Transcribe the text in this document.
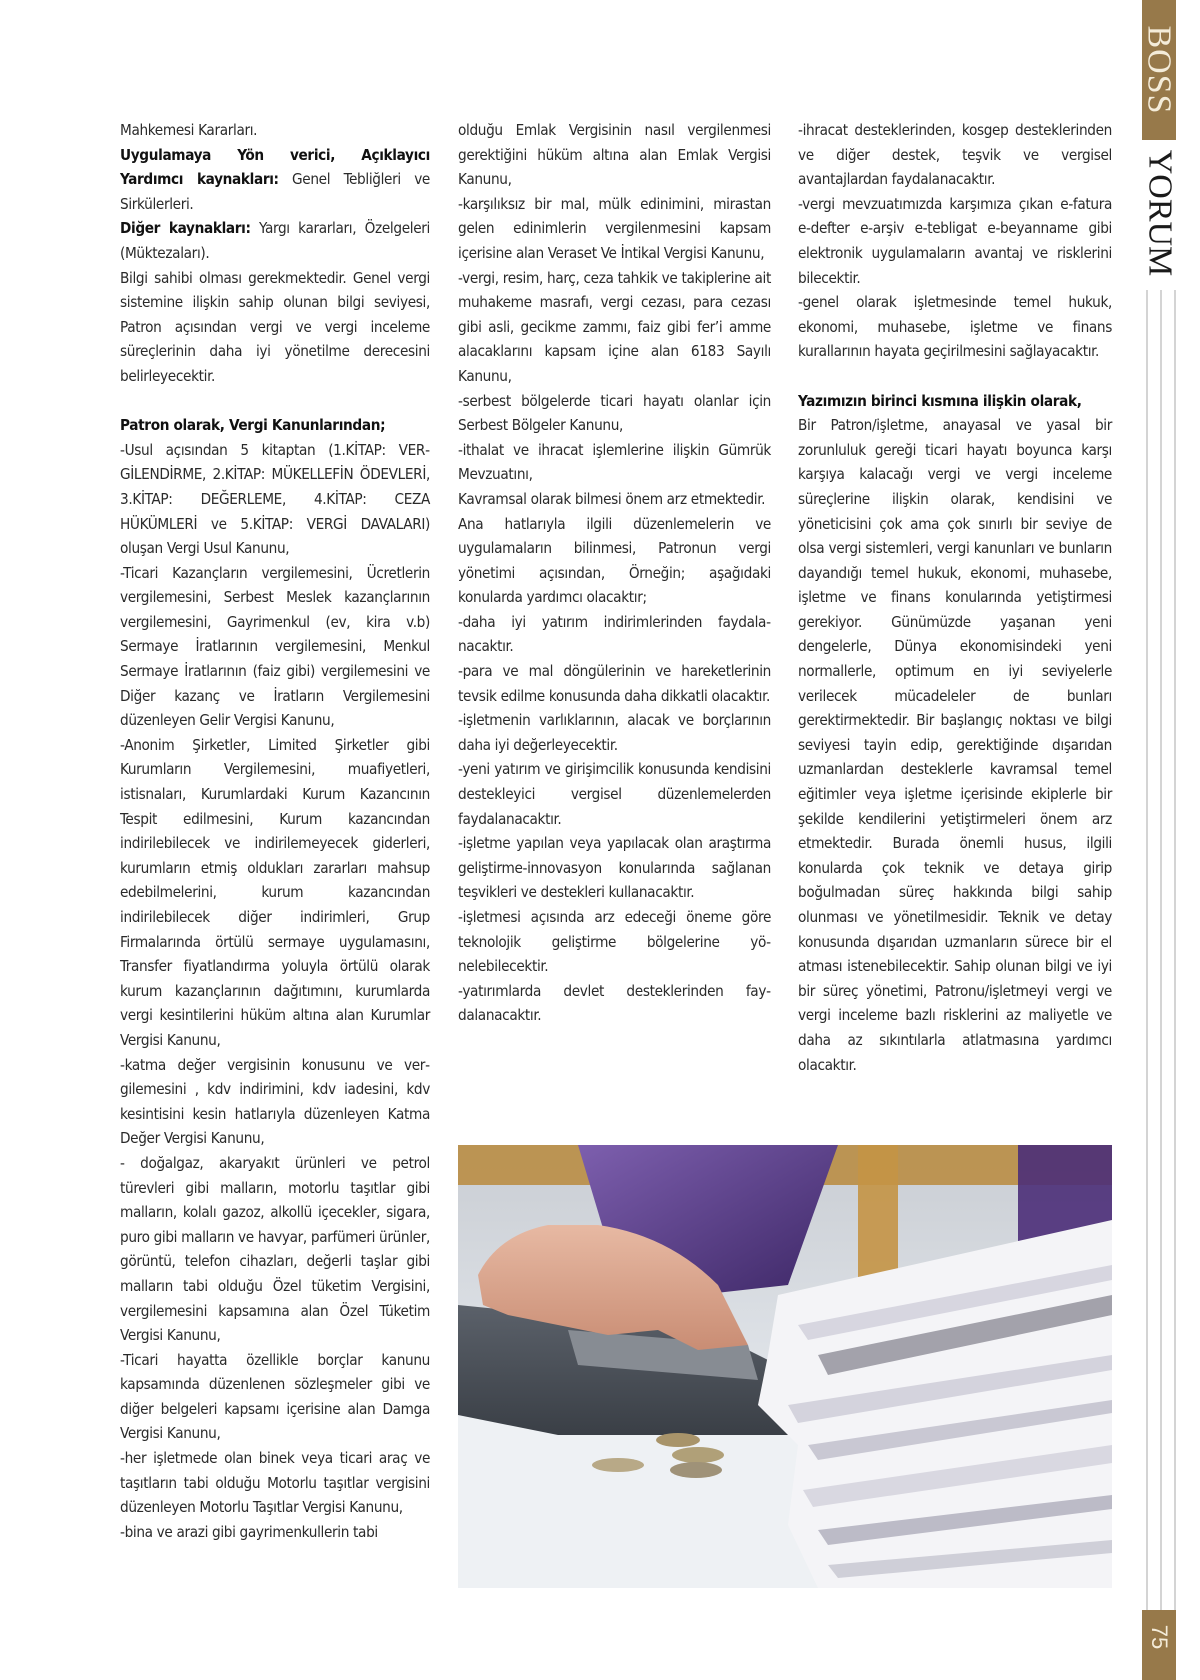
Mahkemesi Kararları.

Uygulamaya Yön verici, Açıklayıcı Yardımcı kaynakları: Genel Tebliğleri ve Sirkülerleri.

Diğer kaynakları: Yargı kararları, Özelgeleri (Müktezaları).

Bilgi sahibi olması gerekmektedir. Genel vergi sistemine ilişkin sahip olunan bilgi seviyesi, Patron açısından vergi ve vergi inceleme süreçlerinin daha iyi yönetilme derecesini belirleyecektir.

Patron olarak, Vergi Kanunlarından;

-Usul açısından 5 kitaptan (1.KİTAP: VERGİLENDİRME, 2.KİTAP: MÜKELLEFİN ÖDEVLERİ, 3.KİTAP: DEĞERLEME, 4.KİTAP: CEZA HÜKÜMLERİ ve 5.KİTAP: VERGİ DAVALARI) oluşan Vergi Usul Kanunu,

-Ticari Kazançların vergilemesini, Ücretlerin vergilemesini, Serbest Meslek kazançlarının vergilemesini, Gayrimenkul (ev, kira v.b) Sermaye İratlarının vergilemesini, Menkul Sermaye İratlarının (faiz gibi) vergilemesini ve Diğer kazanç ve İratların Vergilemesini düzenleyen Gelir Vergisi Kanunu,

-Anonim Şirketler, Limited Şirketler gibi Kurumların Vergilemesini, muafiyetleri, istisnaları, Kurumlardaki Kurum Kazancının Tespit edilmesini, Kurum kazancından indirilebilecek ve indirilemeyecek giderleri, kurumların etmiş oldukları zararları mahsup edebilmelerini, kurum kazancından indirilebilecek diğer indirimleri, Grup Firmalarında örtülü sermaye uygulamasını, Transfer fiyatlandırma yoluyla örtülü olarak kurum kazançlarının dağıtımını, kurumlarda vergi kesintilerini hüküm altına alan Kurumlar Vergisi Kanunu,

-katma değer vergisinin konusunu ve vergilemesini , kdv indirimini, kdv iadesini, kdv kesintisini kesin hatlarıyla düzenleyen Katma Değer Vergisi Kanunu,

- doğalgaz, akaryakıt ürünleri ve petrol türevleri gibi malların, motorlu taşıtlar gibi malların, kolalı gazoz, alkollü içecekler, sigara, puro gibi malların ve havyar, parfümeri ürünler, görüntü, telefon cihazları, değerli taşlar gibi malların tabi olduğu Özel tüketim Vergisini, vergilemesini kapsamına alan Özel Tüketim Vergisi Kanunu,

-Ticari hayatta özellikle borçlar kanunu kapsamında düzenlenen sözleşmeler gibi ve diğer belgeleri kapsamı içerisine alan Damga Vergisi Kanunu,

-her işletmede olan binek veya ticari araç ve taşıtların tabi olduğu Motorlu taşıtlar vergisini düzenleyen Motorlu Taşıtlar Vergisi Kanunu,

-bina ve arazi gibi gayrimenkullerin tabi

olduğu Emlak Vergisinin nasıl vergilenmesi gerektiğini hüküm altına alan Emlak Vergisi Kanunu,

-karşılıksız bir mal, mülk edinimini, mirastan gelen edinimlerin vergilenmesini kapsam içerisine alan Veraset Ve İntikal Vergisi Kanunu,

-vergi, resim, harç, ceza tahkik ve takiplerine ait muhakeme masrafı, vergi cezası, para cezası gibi asli, gecikme zammı, faiz gibi fer’i amme alacaklarını kapsam içine alan 6183 Sayılı Kanunu,

-serbest bölgelerde ticari hayatı olanlar için Serbest Bölgeler Kanunu,

-ithalat ve ihracat işlemlerine ilişkin Gümrük Mevzuatını,

Kavramsal olarak bilmesi önem arz etmektedir.

Ana hatlarıyla ilgili düzenlemelerin ve uygulamaların bilinmesi, Patronun vergi yönetimi açısından, Örneğin; aşağıdaki konularda yardımcı olacaktır;

-daha iyi yatırım indirimlerinden faydalanacaktır.

-para ve mal döngülerinin ve hareketlerinin tevsik edilme konusunda daha dikkatli olacaktır.

-işletmenin varlıklarının, alacak ve borçlarının daha iyi değerleyecektir.

-yeni yatırım ve girişimcilik konusunda kendisini destekleyici vergisel düzenlemelerden faydalanacaktır.

-işletme yapılan veya yapılacak olan araştırma geliştirme-innovasyon konularında sağlanan teşvikleri ve destekleri kullanacaktır.

-işletmesi açısında arz edeceği öneme göre teknolojik geliştirme bölgelerine yönelebilecektir.

-yatırımlarda devlet desteklerinden faydalanacaktır.

-ihracat desteklerinden, kosgep desteklerinden ve diğer destek, teşvik ve vergisel avantajlardan faydalanacaktır.

-vergi mevzuatımızda karşımıza çıkan e-fatura e-defter e-arşiv e-tebligat e-beyanname gibi elektronik uygulamaların avantaj ve risklerini bilecektir.

-genel olarak işletmesinde temel hukuk, ekonomi, muhasebe, işletme ve finans kurallarının hayata geçirilmesini sağlayacaktır.

Yazımızın birinci kısmına ilişkin olarak,

Bir Patron/işletme, anayasal ve yasal bir zorunluluk gereği ticari hayatı boyunca karşı karşıya kalacağı vergi ve vergi inceleme süreçlerine ilişkin olarak, kendisini ve yöneticisini çok ama çok sınırlı bir seviye de olsa vergi sistemleri, vergi kanunları ve bunların dayandığı temel hukuk, ekonomi, muhasebe, işletme ve finans konularında yetiştirmesi gerekiyor. Günümüzde yaşanan yeni dengelerle, Dünya ekonomisindeki yeni normallerle, optimum en iyi seviyelerle verilecek mücadeleler de bunları gerektirmektedir. Bir başlangıç noktası ve bilgi seviyesi tayin edip, gerektiğinde dışarıdan uzmanlardan desteklerle kavramsal temel eğitimler veya işletme içerisinde ekiplerle bir şekilde kendilerini yetiştirmeleri önem arz etmektedir. Burada önemli husus, ilgili konularda çok teknik ve detaya girip boğulmadan süreç hakkında bilgi sahip olunması ve yönetilmesidir. Teknik ve detay konusunda dışarıdan uzmanların sürece bir el atması istenebilecektir. Sahip olunan bilgi ve iyi bir süreç yönetimi, Patronu/işletmeyi vergi ve vergi inceleme bazlı risklerini az maliyetle ve daha az sıkıntılarla atlatmasına yardımcı olacaktır.

BOSS
YORUM
75
